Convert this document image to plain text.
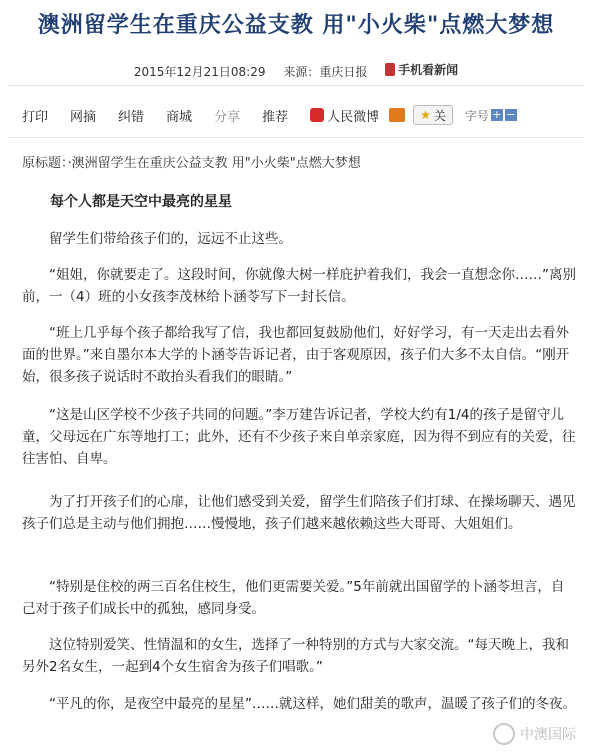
澳洲留学生在重庆公益支教 用"小火柴"点燃大梦想
2015年12月21日08:29 来源：重庆日报	手机看新闻
打印 网摘 纠错 商城 分享 推荐	人民微博	★ 关 字号 + −
原标题：·澳洲留学生在重庆公益支教 用"小火柴"点燃大梦想
每个人都是天空中最亮的星星

留学生们带给孩子们的，远远不止这些。

“姐姐，你就要走了。这段时间，你就像大树一样庇护着我们，我会一直想念你……”离别前，一（4）班的小女孩李茂林给卜涵苓写下一封长信。

“班上几乎每个孩子都给我写了信，我也都回复鼓励他们，好好学习，有一天走出去看外面的世界。”来自墨尔本大学的卜涵苓告诉记者，由于客观原因，孩子们大多不太自信。“刚开始，很多孩子说话时不敢抬头看我们的眼睛。”

“这是山区学校不少孩子共同的问题。”李万建告诉记者，学校大约有1/4的孩子是留守儿童，父母远在广东等地打工；此外，还有不少孩子来自单亲家庭，因为得不到应有的关爱，往往害怕、自卑。

为了打开孩子们的心扉，让他们感受到关爱，留学生们陪孩子们打球、在操场聊天、遇见孩子们总是主动与他们拥抱……慢慢地，孩子们越来越依赖这些大哥哥、大姐姐们。

“特别是住校的两三百名住校生，他们更需要关爱。”5年前就出国留学的卜涵苓坦言，自己对于孩子们成长中的孤独，感同身受。

这位特别爱笑、性情温和的女生，选择了一种特别的方式与大家交流。“每天晚上，我和另外2名女生，一起到4个女生宿舍为孩子们唱歌。”

“平凡的你，是夜空中最亮的星星”……就这样，她们甜美的歌声，温暖了孩子们的冬夜。

中澳国际
